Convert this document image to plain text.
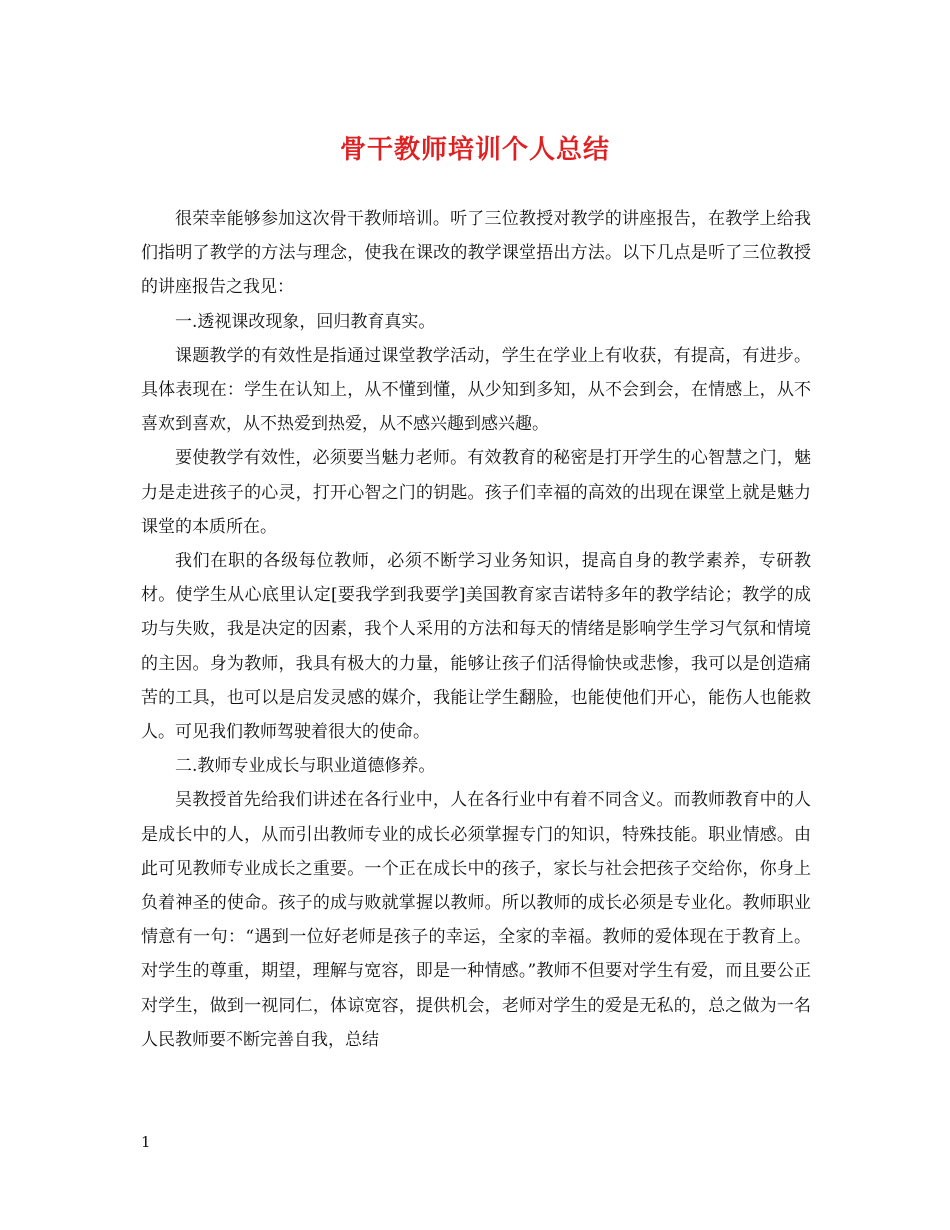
骨干教师培训个人总结

很荣幸能够参加这次骨干教师培训。听了三位教授对教学的讲座报告，在教学上给我们指明了教学的方法与理念，使我在课改的教学课堂捂出方法。以下几点是听了三位教授的讲座报告之我见：

一.透视课改现象，回归教育真实。

课题教学的有效性是指通过课堂教学活动，学生在学业上有收获，有提高，有进步。具体表现在：学生在认知上，从不懂到懂，从少知到多知，从不会到会，在情感上，从不喜欢到喜欢，从不热爱到热爱，从不感兴趣到感兴趣。

要使教学有效性，必须要当魅力老师。有效教育的秘密是打开学生的心智慧之门，魅力是走进孩子的心灵，打开心智之门的钥匙。孩子们幸福的高效的出现在课堂上就是魅力课堂的本质所在。

我们在职的各级每位教师，必须不断学习业务知识，提高自身的教学素养，专研教材。使学生从心底里认定[要我学到我要学]美国教育家吉诺特多年的教学结论；教学的成功与失败，我是决定的因素，我个人采用的方法和每天的情绪是影响学生学习气氛和情境的主因。身为教师，我具有极大的力量，能够让孩子们活得愉快或悲惨，我可以是创造痛苦的工具，也可以是启发灵感的媒介，我能让学生翻脸，也能使他们开心，能伤人也能救人。可见我们教师驾驶着很大的使命。

二.教师专业成长与职业道德修养。

吴教授首先给我们讲述在各行业中，人在各行业中有着不同含义。而教师教育中的人是成长中的人，从而引出教师专业的成长必须掌握专门的知识，特殊技能。职业情感。由此可见教师专业成长之重要。一个正在成长中的孩子，家长与社会把孩子交给你，你身上负着神圣的使命。孩子的成与败就掌握以教师。所以教师的成长必须是专业化。教师职业情意有一句：“遇到一位好老师是孩子的幸运，全家的幸福。教师的爱体现在于教育上。对学生的尊重，期望，理解与宽容，即是一种情感。”教师不但要对学生有爱，而且要公正对学生，做到一视同仁，体谅宽容，提供机会，老师对学生的爱是无私的，总之做为一名人民教师要不断完善自我，总结

1
